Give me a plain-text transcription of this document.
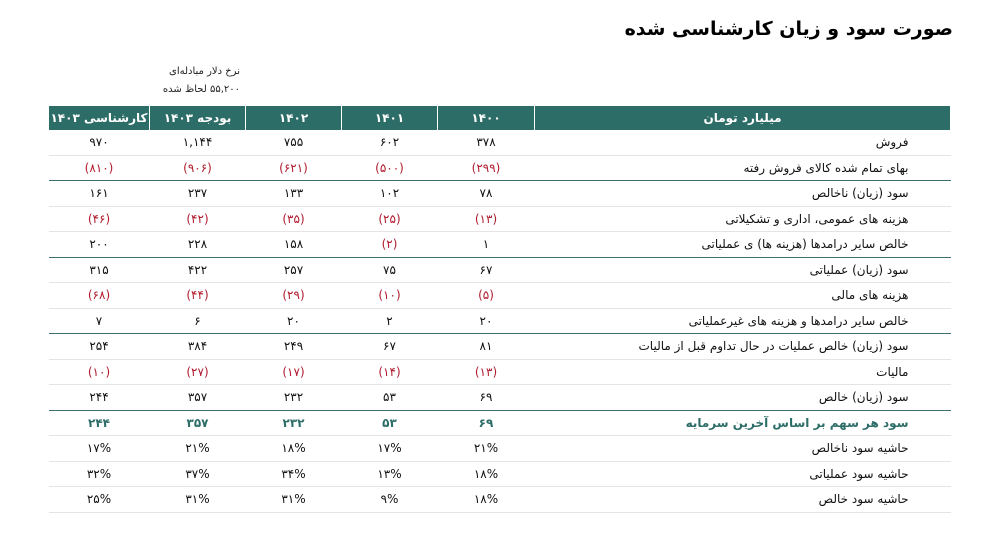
صورت سود و زیان کارشناسی شده
نرخ دلار مبادله‌ای
۵۵,۲۰۰ لحاظ شده
میلیارد تومان	۱۴۰۰	۱۴۰۱	۱۴۰۲	بودجه ۱۴۰۳	کارشناسی ۱۴۰۳
فروش	۳۷۸	۶۰۲	۷۵۵	۱,۱۴۴	۹۷۰
بهای تمام شده کالای فروش رفته	(۲۹۹)	(۵۰۰)	(۶۲۱)	(۹۰۶)	(۸۱۰)
سود (زیان) ناخالص	۷۸	۱۰۲	۱۳۳	۲۳۷	۱۶۱
هزینه های عمومی، اداری و تشکیلاتی	(۱۳)	(۲۵)	(۳۵)	(۴۲)	(۴۶)
خالص سایر درامدها (هزینه ها) ی عملیاتی	۱	(۲)	۱۵۸	۲۲۸	۲۰۰
سود (زیان) عملیاتی	۶۷	۷۵	۲۵۷	۴۲۲	۳۱۵
هزینه های مالی	(۵)	(۱۰)	(۲۹)	(۴۴)	(۶۸)
خالص سایر درامدها و هزینه های غیرعملیاتی	۲۰	۲	۲۰	۶	۷
سود (زیان) خالص عملیات در حال تداوم قبل از مالیات	۸۱	۶۷	۲۴۹	۳۸۴	۲۵۴
مالیات	(۱۳)	(۱۴)	(۱۷)	(۲۷)	(۱۰)
سود (زیان) خالص	۶۹	۵۳	۲۳۲	۳۵۷	۲۴۴
سود هر سهم بر اساس آخرین سرمایه	۶۹	۵۳	۲۳۲	۳۵۷	۲۴۴
حاشیه سود ناخالص	۲۱%	۱۷%	۱۸%	۲۱%	۱۷%
حاشیه سود عملیاتی	۱۸%	۱۳%	۳۴%	۳۷%	۳۲%
حاشیه سود خالص	۱۸%	۹%	۳۱%	۳۱%	۲۵%
